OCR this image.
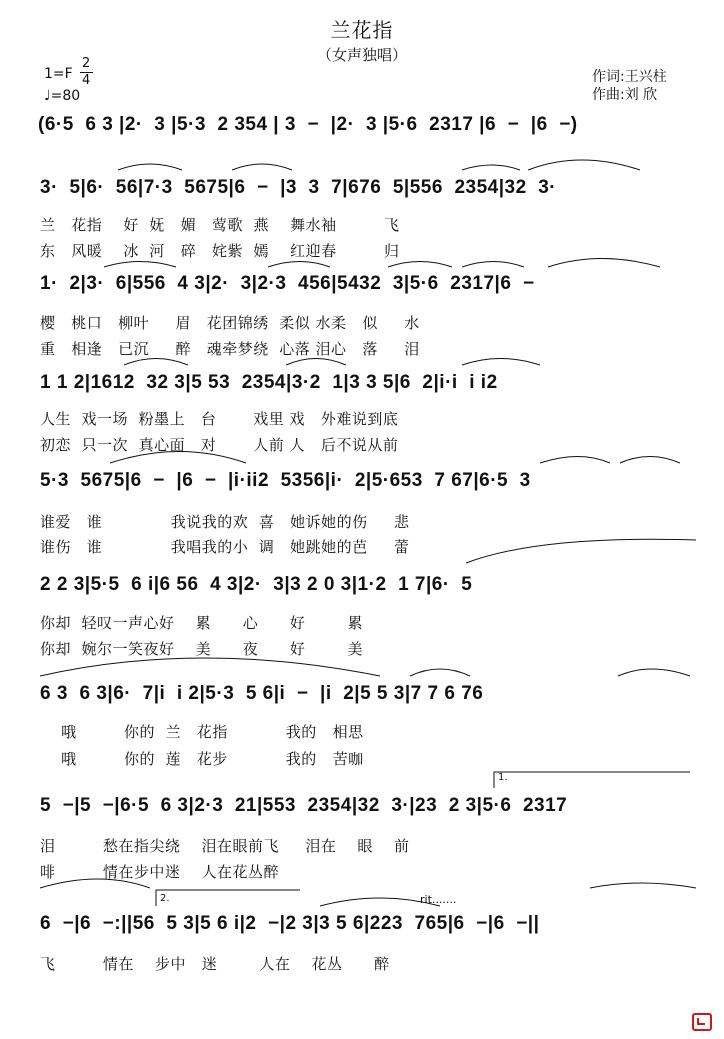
兰花指
（女声独唱）
1=F
2
4
♩=80
作词:王兴柱
作曲:刘 欣
(6·5  6 3 |2·  3 |5·3  2 354 | 3  −  |2·  3 |5·6  2317 |6  −  |6  −)
3·  5|6·  56|7·3  5675|6  −  |3  3  7|676  5|556  2354|32  3·
兰   花指    好  妩   媚   莺歌  燕    舞水袖         飞
东   风暖    冰  河   碎   姹紫  嫣    红迎春         归
1·  2|3·  6|556  4 3|2·  3|2·3  456|5432  3|5·6  2317|6  −
樱   桃口   柳叶     眉   花团锦绣  柔似 水柔   似     水
重   相逢   已沉     醉   魂牵梦绕  心落 泪心   落     泪
1 1 2|1612  32 3|5 53  2354|3·2  1|3 3 5|6  2|i·i  i i2
人生  戏一场  粉墨上   台       戏里 戏   外难说到底
初恋  只一次  真心面   对       人前 人   后不说从前
5·3  5675|6  −  |6  −  |i·ii2  5356|i·  2|5·653  7 67|6·5  3
谁爱   谁             我说我的欢  喜   她诉她的伤     悲
谁伤   谁             我唱我的小  调   她跳她的芭     蕾
2 2 3|5·5  6 i|6 56  4 3|2·  3|3 2 0 3|1·2  1 7|6·  5
你却  轻叹一声心好    累      心      好        累
你却  婉尔一笑夜好    美      夜      好        美
6 3  6 3|6·  7|i  i 2|5·3  5 6|i  −  |i  2|5 5 3|7 7 6 76
哦         你的  兰   花指           我的   相思
哦         你的  莲   花步           我的   苦咖
1.
5  −|5  −|6·5  6 3|2·3  21|553  2354|32  3·|23  2 3|5·6  2317
泪         愁在指尖绕    泪在眼前飞     泪在    眼    前
啡         情在步中迷    人在花丛醉
2.	rit.......
6  −|6  −:||56  5 3|5 6 i|2  −|2 3|3 5 6|223  765|6  −|6  −||
飞         情在    步中   迷        人在    花丛      醉
